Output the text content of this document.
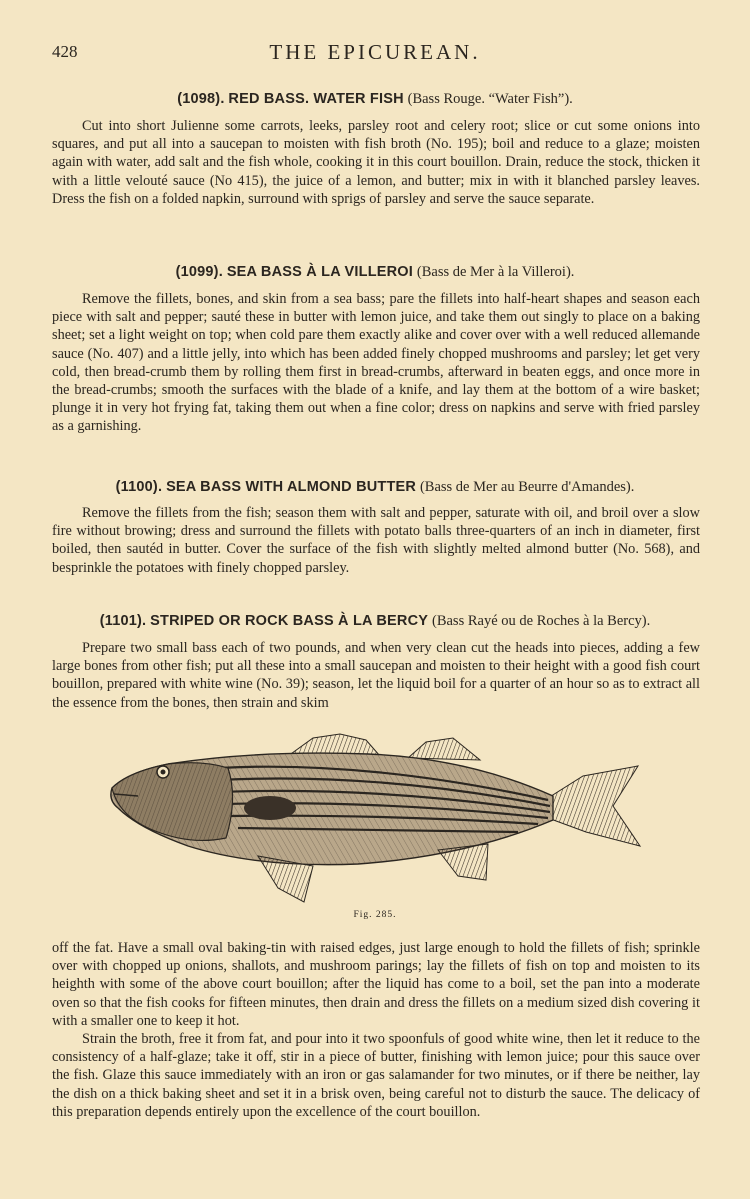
428	THE EPICUREAN.
(1098). RED BASS. WATER FISH (Bass Rouge. “Water Fish”).

Cut into short Julienne some carrots, leeks, parsley root and celery root; slice or cut some onions into squares, and put all into a saucepan to moisten with fish broth (No. 195); boil and reduce to a glaze; moisten again with water, add salt and the fish whole, cooking it in this court bouillon. Drain, reduce the stock, thicken it with a little velouté sauce (No 415), the juice of a lemon, and butter; mix in with it blanched parsley leaves. Dress the fish on a folded napkin, surround with sprigs of parsley and serve the sauce separate.

(1099). SEA BASS À LA VILLEROI (Bass de Mer à la Villeroi).

Remove the fillets, bones, and skin from a sea bass; pare the fillets into half-heart shapes and season each piece with salt and pepper; sauté these in butter with lemon juice, and take them out singly to place on a baking sheet; set a light weight on top; when cold pare them exactly alike and cover over with a well reduced allemande sauce (No. 407) and a little jelly, into which has been added finely chopped mushrooms and parsley; let get very cold, then bread-crumb them by rolling them first in bread-crumbs, afterward in beaten eggs, and once more in the bread-crumbs; smooth the surfaces with the blade of a knife, and lay them at the bottom of a wire basket; plunge it in very hot frying fat, taking them out when a fine color; dress on napkins and serve with fried parsley as a garnishing.

(1100). SEA BASS WITH ALMOND BUTTER (Bass de Mer au Beurre d'Amandes).

Remove the fillets from the fish; season them with salt and pepper, saturate with oil, and broil over a slow fire without browing; dress and surround the fillets with potato balls three-quarters of an inch in diameter, first boiled, then sautéd in butter. Cover the surface of the fish with slightly melted almond butter (No. 568), and besprinkle the potatoes with finely chopped parsley.

(1101). STRIPED OR ROCK BASS À LA BERCY (Bass Rayé ou de Roches à la Bercy).

Prepare two small bass each of two pounds, and when very clean cut the heads into pieces, adding a few large bones from other fish; put all these into a small saucepan and moisten to their height with a good fish court bouillon, prepared with white wine (No. 39); season, let the liquid boil for a quarter of an hour so as to extract all the essence from the bones, then strain and skim

Fig. 285.

off the fat. Have a small oval baking-tin with raised edges, just large enough to hold the fillets of fish; sprinkle over with chopped up onions, shallots, and mushroom parings; lay the fillets of fish on top and moisten to its heighth with some of the above court bouillon; after the liquid has come to a boil, set the pan into a moderate oven so that the fish cooks for fifteen minutes, then drain and dress the fillets on a medium sized dish covering it with a smaller one to keep it hot.

Strain the broth, free it from fat, and pour into it two spoonfuls of good white wine, then let it reduce to the consistency of a half-glaze; take it off, stir in a piece of butter, finishing with lemon juice; pour this sauce over the fish. Glaze this sauce immediately with an iron or gas salamander for two minutes, or if there be neither, lay the dish on a thick baking sheet and set it in a brisk oven, being careful not to disturb the sauce. The delicacy of this preparation depends entirely upon the excellence of the court bouillon.
